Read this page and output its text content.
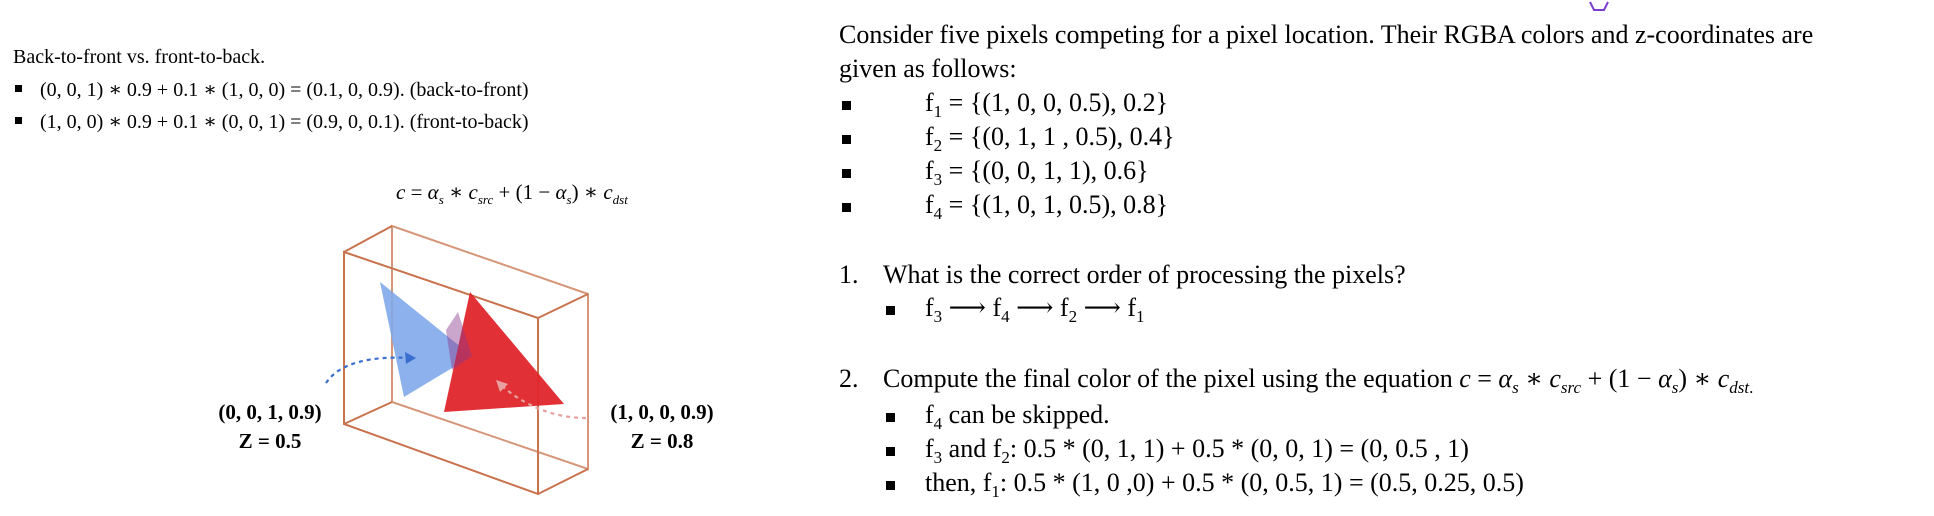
Back-to-front vs. front-to-back.
(0, 0, 1) ∗ 0.9 + 0.1 ∗ (1, 0, 0) = (0.1, 0, 0.9). (back-to-front)
(1, 0, 0) ∗ 0.9 + 0.1 ∗ (0, 0, 1) = (0.9, 0, 0.1). (front-to-back)
$c = \alpha_s$ ∗ $c_{src} + (1 - \alpha_s)$ ∗ $c_{dst}$
(0, 0, 1, 0.9)
Z = 0.5
(1, 0, 0, 0.9)
Z = 0.8
Consider five pixels competing for a pixel location. Their RGBA colors and z-coordinates are
given as follows:
$f_1 = \{(1$, 0, 0, 0.5), 0.2}
$f_2 = \{(0$, 1, 1 , 0.5), 0.4}
$f_3 = \{(0$, 0, 1, 1), 0.6}
$f_4 = \{(1$, 0, 1, 0.5), 0.8}
1. What is the correct order of processing the pixels?
$f_3$ ⟶ $f_4$ ⟶ $f_2$ ⟶ $f_1$
2. Compute the final color of the pixel using the equation $c = \alpha_s$ ∗ $c_{src} + (1 - \alpha_s)$ ∗ $c_{dst.}$
$f_4$ can be skipped.
$f_3$ and $f_2$: 0.5 * (0, 1, 1) + 0.5 * (0, 0, 1) = (0, 0.5 , 1)
then, $f_1$: 0.5 * (1, 0 ,0) + 0.5 * (0, 0.5, 1) = (0.5, 0.25, 0.5)
